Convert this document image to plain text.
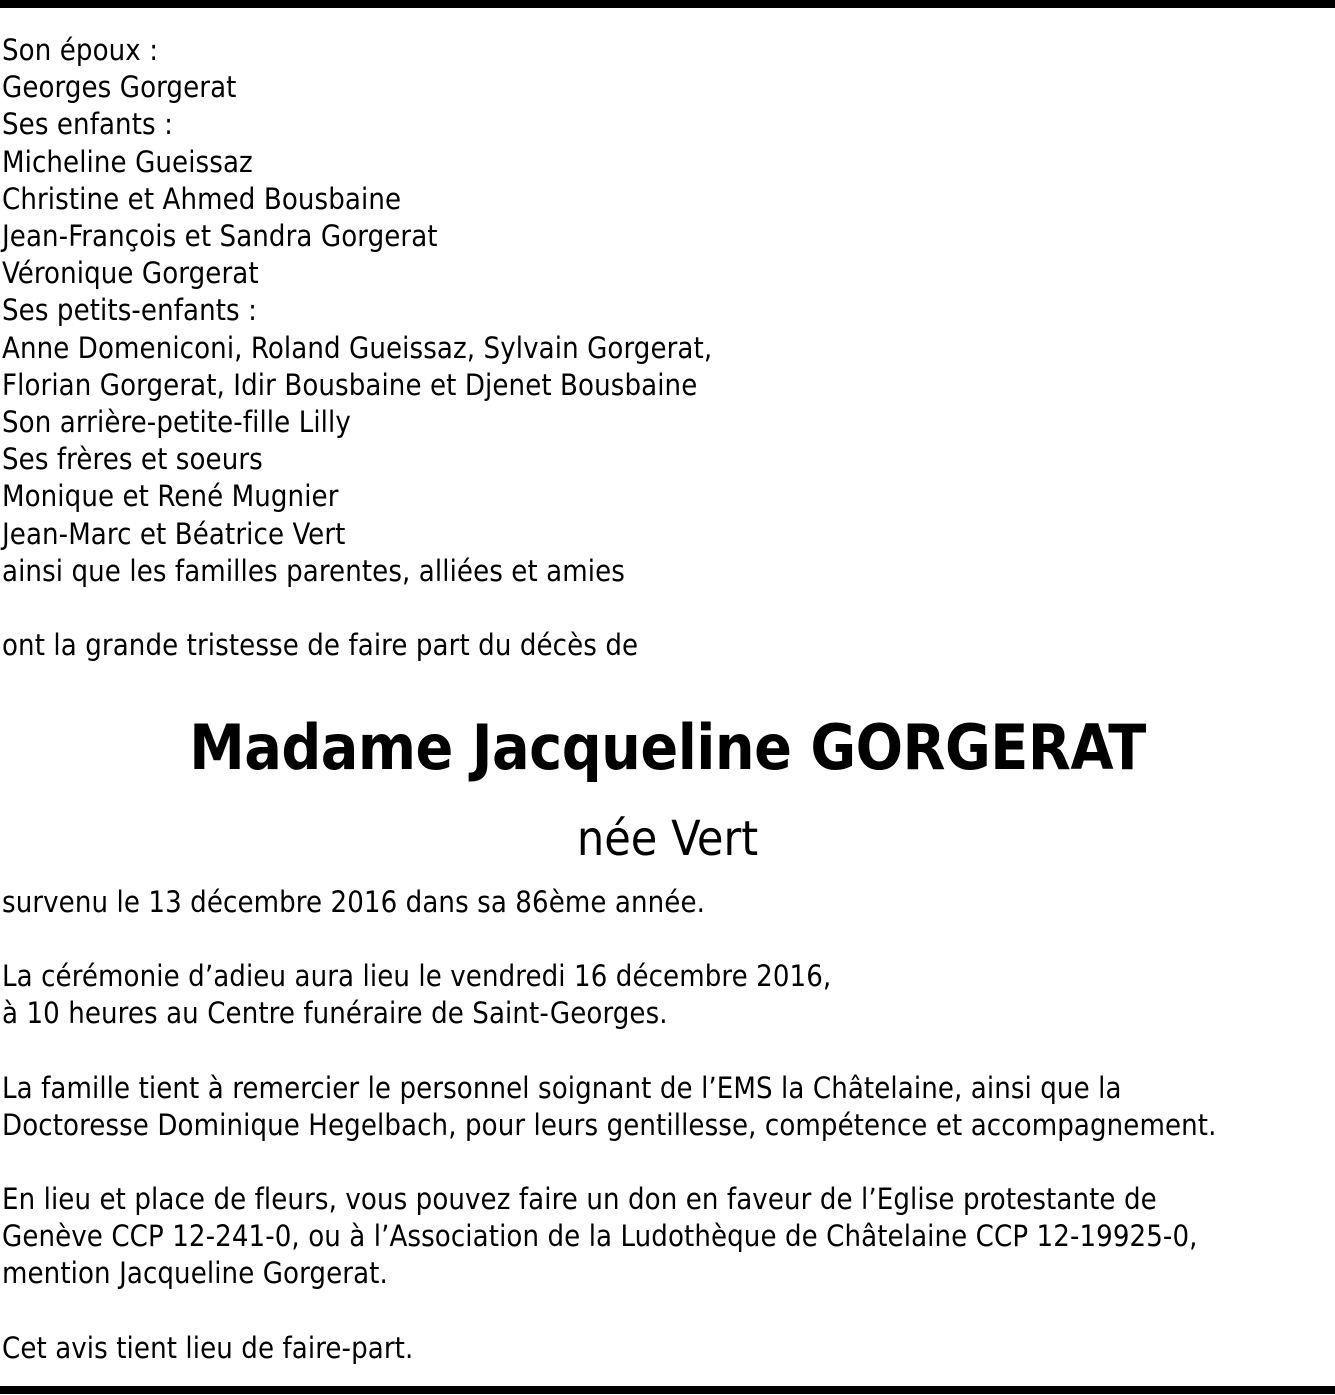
Son époux :
Georges Gorgerat
Ses enfants :
Micheline Gueissaz
Christine et Ahmed Bousbaine
Jean-François et Sandra Gorgerat
Véronique Gorgerat
Ses petits-enfants :
Anne Domeniconi, Roland Gueissaz, Sylvain Gorgerat,
Florian Gorgerat, Idir Bousbaine et Djenet Bousbaine
Son arrière-petite-fille Lilly
Ses frères et soeurs
Monique et René Mugnier
Jean-Marc et Béatrice Vert
ainsi que les familles parentes, alliées et amies
ont la grande tristesse de faire part du décès de
Madame Jacqueline GORGERAT
née Vert
survenu le 13 décembre 2016 dans sa 86ème année.
La cérémonie d’adieu aura lieu le vendredi 16 décembre 2016,
à 10 heures au Centre funéraire de Saint-Georges.
La famille tient à remercier le personnel soignant de l’EMS la Châtelaine, ainsi que la
Doctoresse Dominique Hegelbach, pour leurs gentillesse, compétence et accompagnement.
En lieu et place de fleurs, vous pouvez faire un don en faveur de l’Eglise protestante de
Genève CCP 12-241-0, ou à l’Association de la Ludothèque de Châtelaine CCP 12-19925-0,
mention Jacqueline Gorgerat.
Cet avis tient lieu de faire-part.
